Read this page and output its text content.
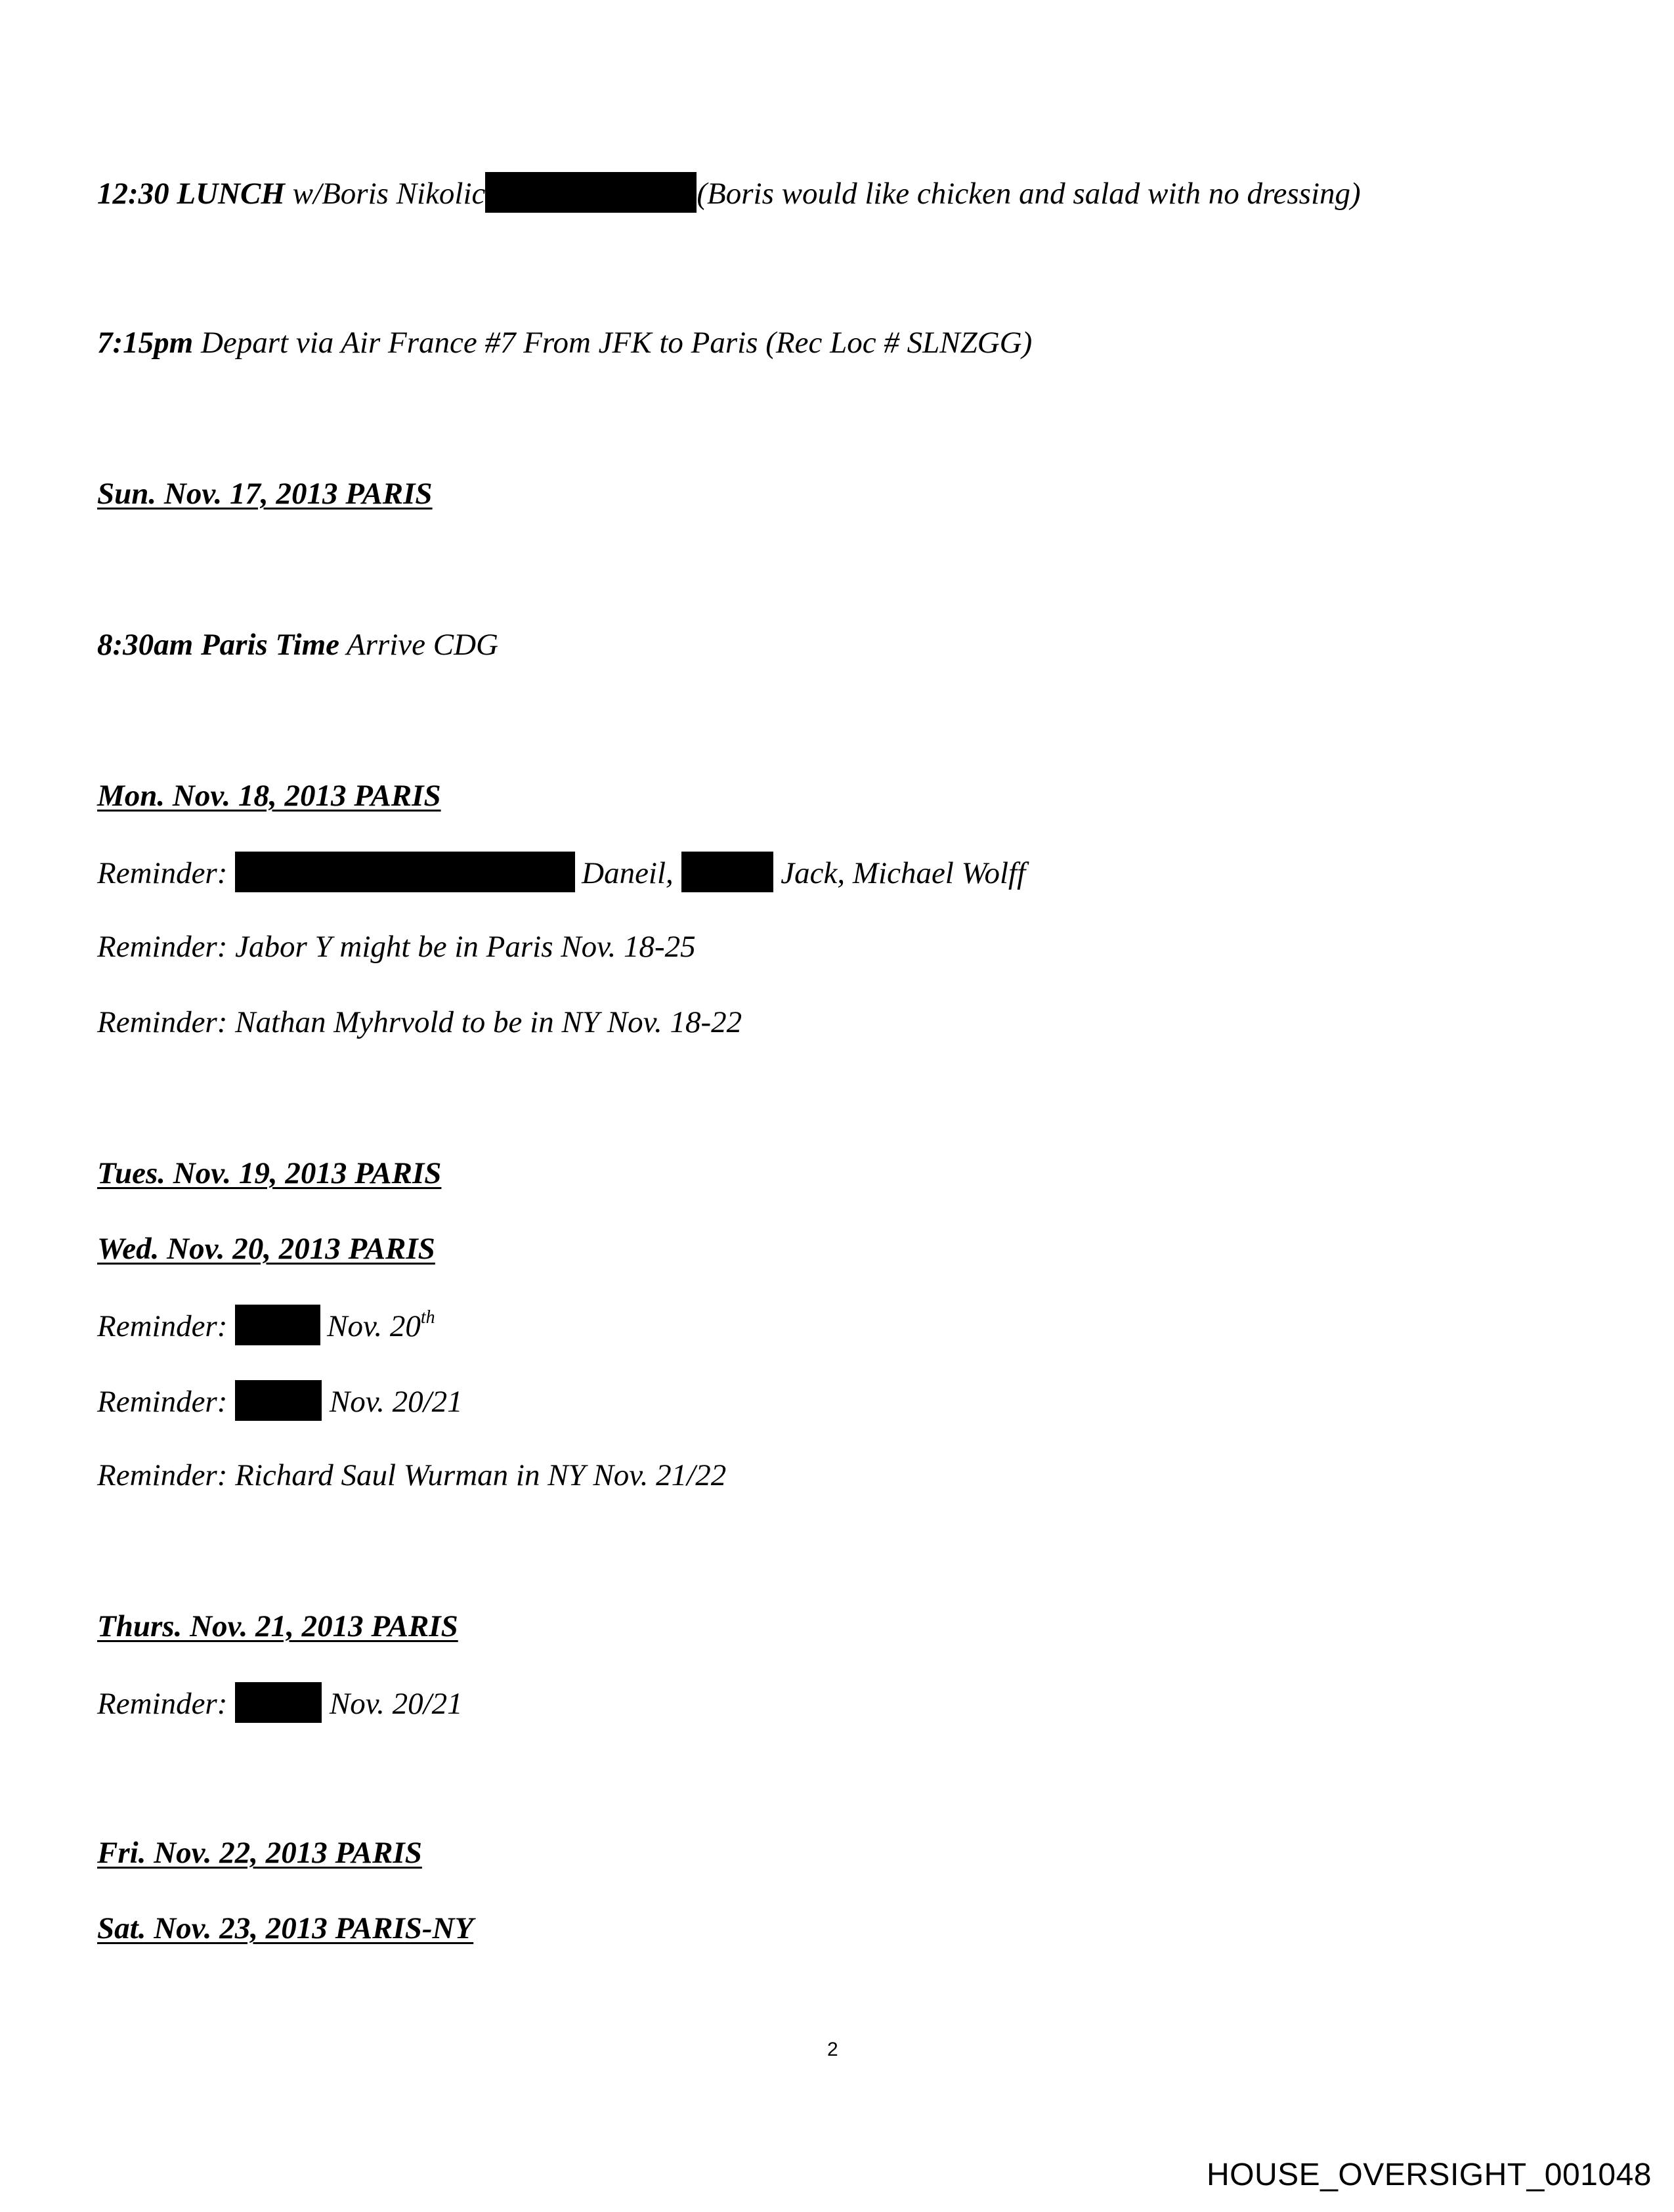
12:30 LUNCH w/Boris Nikolic	(Boris would like chicken and salad with no dressing)
7:15pm Depart via Air France #7 From JFK to Paris (Rec Loc # SLNZGG)
Sun. Nov. 17, 2013 PARIS
8:30am Paris Time Arrive CDG
Mon. Nov. 18, 2013 PARIS
Reminder:	Daneil,	Jack, Michael Wolff
Reminder: Jabor Y might be in Paris Nov. 18-25
Reminder: Nathan Myhrvold to be in NY Nov. 18-22
Tues. Nov. 19, 2013 PARIS
Wed. Nov. 20, 2013 PARIS
Reminder:	Nov. 20th
Reminder:	Nov. 20/21
Reminder: Richard Saul Wurman in NY Nov. 21/22
Thurs. Nov. 21, 2013 PARIS
Reminder:	Nov. 20/21
Fri. Nov. 22, 2013 PARIS
Sat. Nov. 23, 2013 PARIS-NY
2
HOUSE_OVERSIGHT_001048
